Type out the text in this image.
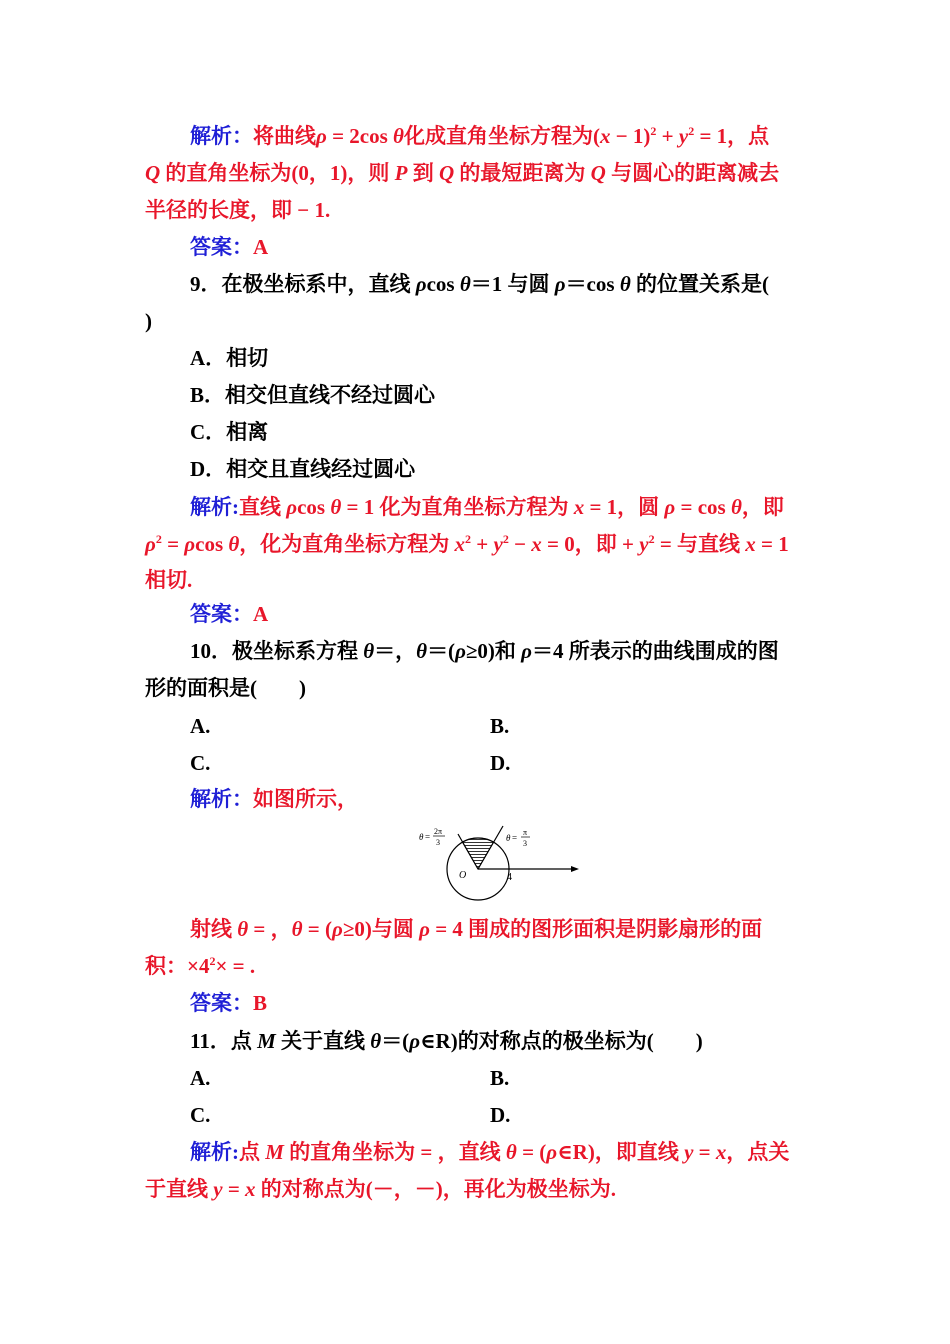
解析：将曲线ρ = 2cos θ化成直角坐标方程为$(x - 1)^2 + y^2 = 1$，点
Q 的直角坐标为(0，1)，则 P 到 Q 的最短距离为 Q 与圆心的距离减去
半径的长度，即 − 1.
答案：A
9．在极坐标系中，直线 ρcos θ＝1 与圆 ρ＝cos θ 的位置关系是(
)
A．相切
B．相交但直线不经过圆心
C．相离
D．相交且直线经过圆心
解析:直线 ρcos θ = 1 化为直角坐标方程为 x = 1，圆 ρ = cos θ，即
$\rho^2 = \rho\cos$ θ，化为直角坐标方程为 $x^2 + y^2 - x = 0$，即 + $y^2$ = 与直线 x = 1
相切.
答案：A
10．极坐标系方程 θ＝，θ＝(ρ≥0)和 ρ＝4 所表示的曲线围成的图
形的面积是(　　)
A.	B.
C.	D.
解析：如图所示，
θ =
2π
3	θ =
π
3
O	4
射线 θ = ，θ = (ρ≥0)与圆 ρ = 4 围成的图形面积是阴影扇形的面
积：$\times 4^2\times$ = .
答案：B
11．点 M 关于直线 θ＝(ρ∈R)的对称点的极坐标为(　　)
A.	B.
C.	D.
解析:点 M 的直角坐标为 = ，直线 θ = (ρ∈R)，即直线 y = x，点关
于直线 y = x 的对称点为(－，－)，再化为极坐标为.
